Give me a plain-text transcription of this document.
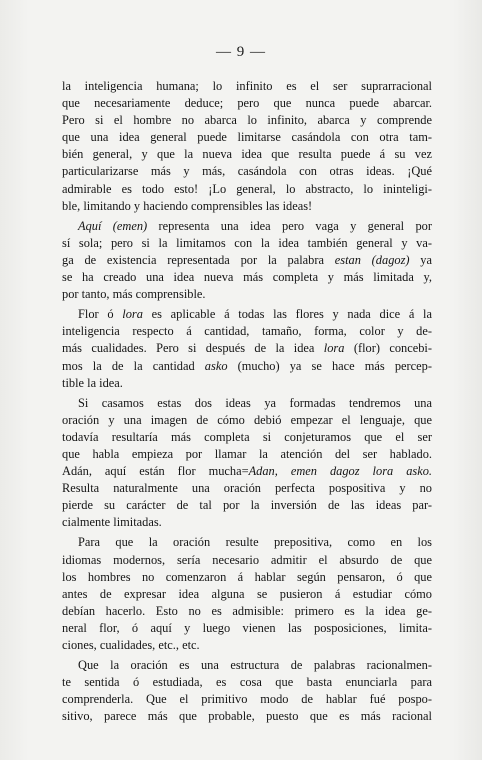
— 9 —

la inteligencia humana; lo infinito es el ser suprarracional
que necesariamente deduce; pero que nunca puede abarcar.
Pero si el hombre no abarca lo infinito, abarca y comprende
que una idea general puede limitarse casándola con otra tam-
bién general, y que la nueva idea que resulta puede á su vez
particularizarse más y más, casándola con otras ideas. ¡Qué
admirable es todo esto! ¡Lo general, lo abstracto, lo ininteligi-
ble, limitando y haciendo comprensibles las ideas!

Aquí (emen) representa una idea pero vaga y general por
sí sola; pero si la limitamos con la idea también general y va-
ga de existencia representada por la palabra estan (dagoz) ya
se ha creado una idea nueva más completa y más limitada y,
por tanto, más comprensible.

Flor ó lora es aplicable á todas las flores y nada dice á la
inteligencia respecto á cantidad, tamaño, forma, color y de-
más cualidades. Pero si después de la idea lora (flor) concebi-
mos la de la cantidad asko (mucho) ya se hace más percep-
tible la idea.

Si casamos estas dos ideas ya formadas tendremos una
oración y una imagen de cómo debió empezar el lenguaje, que
todavía resultaría más completa si conjeturamos que el ser
que habla empieza por llamar la atención del ser hablado.
Adán, aquí están flor mucha=Adan, emen dagoz lora asko.
Resulta naturalmente una oración perfecta pospositiva y no
pierde su carácter de tal por la inversión de las ideas par-
cialmente limitadas.

Para que la oración resulte prepositiva, como en los
idiomas modernos, sería necesario admitir el absurdo de que
los hombres no comenzaron á hablar según pensaron, ó que
antes de expresar idea alguna se pusieron á estudiar cómo
debían hacerlo. Esto no es admisible: primero es la idea ge-
neral flor, ó aquí y luego vienen las posposiciones, limita-
ciones, cualidades, etc., etc.

Que la oración es una estructura de palabras racionalmen-
te sentida ó estudiada, es cosa que basta enunciarla para
comprenderla. Que el primitivo modo de hablar fué pospo-
sitivo, parece más que probable, puesto que es más racional
